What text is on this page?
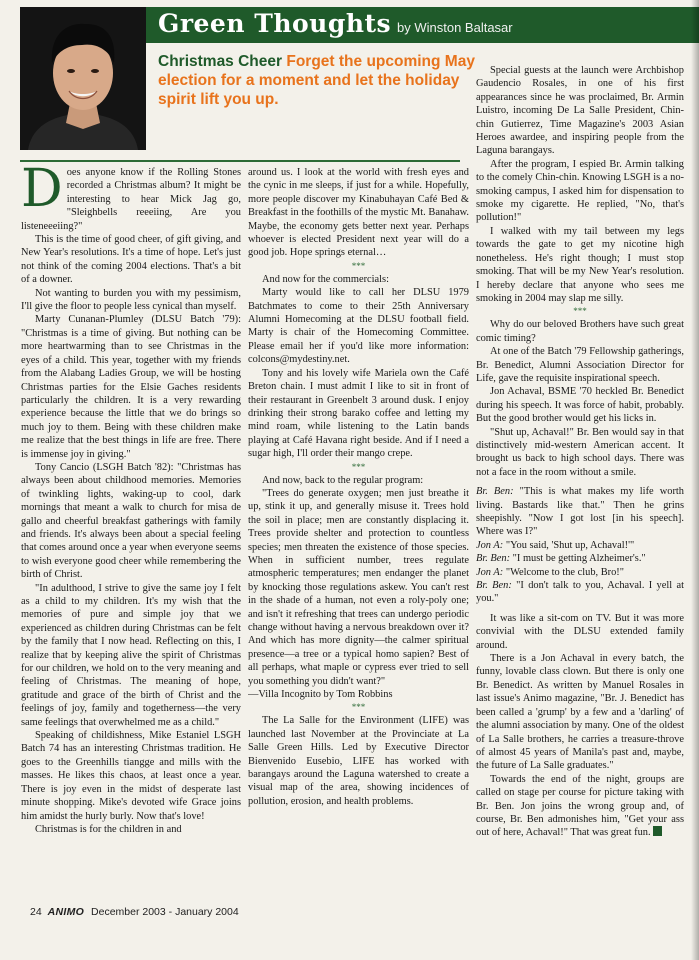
Green Thoughts by Winston Baltasar
Christmas Cheer Forget the upcoming May election for a moment and let the holiday spirit lift you up.

Does anyone know if the Rolling Stones recorded a Christmas album? It might be interesting to hear Mick Jag go, "Sleighbells reeeiing, Are you listeneeeiing?"

This is the time of good cheer, of gift giving, and New Year's resolutions. It's a time of hope. Let's just not think of the coming 2004 elections. That's a bit of a downer.

Not wanting to burden you with my pessimism, I'll give the floor to people less cynical than myself.

Marty Cunanan-Plumley (DLSU Batch '79): "Christmas is a time of giving. But nothing can be more heartwarming than to see Christmas in the eyes of a child. This year, together with my friends from the Alabang Ladies Group, we will be hosting Christmas parties for the Elsie Gaches residents particularly the children. It is a very rewarding experience because the little that we do brings so much joy to them. Being with these children make me realize that the best things in life are free. There is immense joy in giving."

Tony Cancio (LSGH Batch '82): "Christmas has always been about childhood memories. Memories of twinkling lights, waking-up to cool, dark mornings that meant a walk to church for misa de gallo and cheerful breakfast gatherings with family and friends. It's always been about a special feeling that comes around once a year when everyone seems to wish everyone good cheer while remembering the birth of Christ.

"In adulthood, I strive to give the same joy I felt as a child to my children. It's my wish that the memories of pure and simple joy that we experienced as children during Christmas can be felt by the family that I now head. Reflecting on this, I realize that by keeping alive the spirit of Christmas for our children, we hold on to the very meaning and feeling of Christmas. The meaning of hope, gratitude and grace of the birth of Christ and the feelings of joy, family and togetherness—the very same feelings that overwhelmed me as a child."

Speaking of childishness, Mike Estaniel LSGH Batch 74 has an interesting Christmas tradition. He goes to the Greenhills tiangge and mills with the masses. He likes this chaos, at least once a year. There is joy even in the midst of desperate last minute shopping. Mike's devoted wife Grace joins him amidst the hurly burly. Now that's love!

Christmas is for the children in and

around us. I look at the world with fresh eyes and the cynic in me sleeps, if just for a while. Hopefully, more people discover my Kinabuhayan Café Bed & Breakfast in the foothills of the mystic Mt. Banahaw. Maybe, the economy gets better next year. Perhaps whoever is elected President next year will do a good job. Hope springs eternal…

***

And now for the commercials:

Marty would like to call her DLSU 1979 Batchmates to come to their 25th Anniversary Alumni Homecoming at the DLSU football field. Marty is chair of the Homecoming Committee. Please email her if you'd like more information: colcons@mydestiny.net.

Tony and his lovely wife Mariela own the Café Breton chain. I must admit I like to sit in front of their restaurant in Greenbelt 3 around dusk. I enjoy drinking their strong barako coffee and letting my mind roam, while listening to the Latin bands playing at Café Havana right beside. And if I need a sugar high, I'll order their mango crepe.

***

And now, back to the regular program:

"Trees do generate oxygen; men just breathe it up, stink it up, and generally misuse it. Trees hold the soil in place; men are constantly displacing it. Trees provide shelter and protection to countless species; men threaten the existence of those species. When in sufficient number, trees regulate atmospheric temperatures; men endanger the planet by knocking those regulations askew. You can't rest in the shade of a human, not even a roly-poly one; and isn't it refreshing that trees can undergo periodic change without having a nervous breakdown over it? And which has more dignity—the calmer spiritual presence—a tree or a typical homo sapien? Best of all perhaps, what maple or cypress ever tried to sell you something you didn't want?"

—Villa Incognito by Tom Robbins

***

The La Salle for the Environment (LIFE) was launched last November at the Provinciate at La Salle Green Hills. Led by Executive Director Bienvenido Eusebio, LIFE has worked with barangays around the Laguna watershed to create a visual map of the area, showing incidences of pollution, erosion, and health problems.

Special guests at the launch were Archbishop Gaudencio Rosales, in one of his first appearances since he was proclaimed, Br. Armin Luistro, incoming De La Salle President, Chin-chin Gutierrez, Time Magazine's 2003 Asian Heroes awardee, and inspiring people from the Laguna barangays.

After the program, I espied Br. Armin talking to the comely Chin-chin. Knowing LSGH is a no-smoking campus, I asked him for dispensation to smoke my cigarette. He replied, "No, that's pollution!"

I walked with my tail between my legs towards the gate to get my nicotine high nonetheless. He's right though; I must stop smoking. That will be my New Year's resolution. I hereby declare that anyone who sees me smoking in 2004 may slap me silly.

***

Why do our beloved Brothers have such great comic timing?

At one of the Batch '79 Fellowship gatherings, Br. Benedict, Alumni Association Director for Life, gave the requisite inspirational speech.

Jon Achaval, BSME '70 heckled Br. Benedict during his speech. It was force of habit, probably. But the good brother would get his licks in.

"Shut up, Achaval!" Br. Ben would say in that distinctively mid-western American accent. It brought us back to high school days. There was not a face in the room without a smile.

Br. Ben: "This is what makes my life worth living. Bastards like that." Then he grins sheepishly. "Now I got lost [in his speech]. Where was I?"

Jon A: "You said, 'Shut up, Achaval!'"

Br. Ben: "I must be getting Alzheimer's."

Jon A: "Welcome to the club, Bro!"

Br. Ben: "I don't talk to you, Achaval. I yell at you."

It was like a sit-com on TV. But it was more convivial with the DLSU extended family around.

There is a Jon Achaval in every batch, the funny, lovable class clown. But there is only one Br. Benedict. As written by Manuel Rosales in last issue's Animo magazine, "Br. J. Benedict has been called a 'grump' by a few and a 'darling' of the alumni association by many. One of the oldest of La Salle brothers, he carries a treasure-throve of almost 45 years of Manila's past and, maybe, the future of La Salle graduates."

Towards the end of the night, groups are called on stage per course for picture taking with Br. Ben. Jon joins the wrong group and, of course, Br. Ben admonishes him, "Get your ass out of here, Achaval!" That was great fun.

24 ANIMO December 2003 - January 2004
